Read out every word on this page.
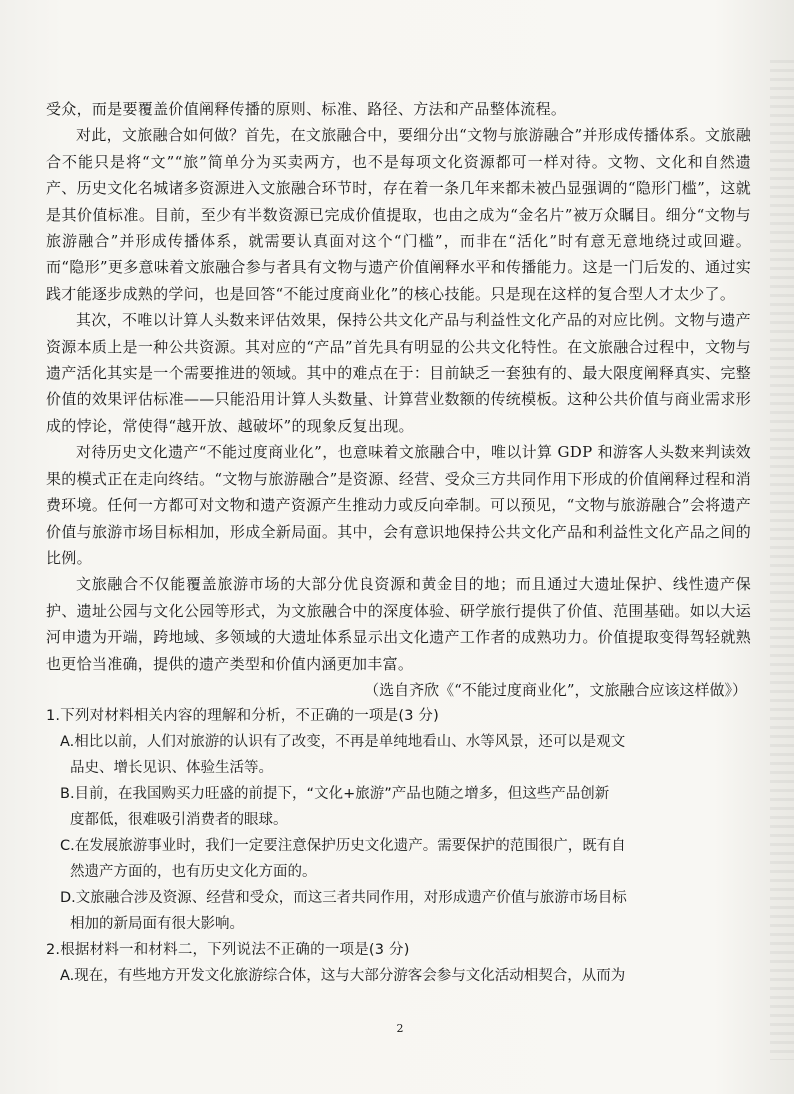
受众，而是要覆盖价值阐释传播的原则、标准、路径、方法和产品整体流程。

对此，文旅融合如何做？首先，在文旅融合中，要细分出“文物与旅游融合”并形成传播体系。文旅融合不能只是将“文”“旅”简单分为买卖两方，也不是每项文化资源都可一样对待。文物、文化和自然遗产、历史文化名城诸多资源进入文旅融合环节时，存在着一条几年来都未被凸显强调的“隐形门槛”，这就是其价值标准。目前，至少有半数资源已完成价值提取，也由之成为“金名片”被万众瞩目。细分“文物与旅游融合”并形成传播体系，就需要认真面对这个“门槛”，而非在“活化”时有意无意地绕过或回避。而“隐形”更多意味着文旅融合参与者具有文物与遗产价值阐释水平和传播能力。这是一门后发的、通过实践才能逐步成熟的学问，也是回答“不能过度商业化”的核心技能。只是现在这样的复合型人才太少了。

其次，不唯以计算人头数来评估效果，保持公共文化产品与利益性文化产品的对应比例。文物与遗产资源本质上是一种公共资源。其对应的“产品”首先具有明显的公共文化特性。在文旅融合过程中，文物与遗产活化其实是一个需要推进的领域。其中的难点在于：目前缺乏一套独有的、最大限度阐释真实、完整价值的效果评估标准——只能沿用计算人头数量、计算营业数额的传统模板。这种公共价值与商业需求形成的悖论，常使得“越开放、越破坏”的现象反复出现。

对待历史文化遗产“不能过度商业化”，也意味着文旅融合中，唯以计算 GDP 和游客人头数来判读效果的模式正在走向终结。“文物与旅游融合”是资源、经营、受众三方共同作用下形成的价值阐释过程和消费环境。任何一方都可对文物和遗产资源产生推动力或反向牵制。可以预见，“文物与旅游融合”会将遗产价值与旅游市场目标相加，形成全新局面。其中，会有意识地保持公共文化产品和利益性文化产品之间的比例。

文旅融合不仅能覆盖旅游市场的大部分优良资源和黄金目的地；而且通过大遗址保护、线性遗产保护、遗址公园与文化公园等形式，为文旅融合中的深度体验、研学旅行提供了价值、范围基础。如以大运河申遗为开端，跨地域、多领域的大遗址体系显示出文化遗产工作者的成熟功力。价值提取变得驾轻就熟也更恰当准确，提供的遗产类型和价值内涵更加丰富。

（选自齐欣《“不能过度商业化”，文旅融合应该这样做》）

1.下列对材料相关内容的理解和分析，不正确的一项是(3 分)

A.相比以前，人们对旅游的认识有了改变，不再是单纯地看山、水等风景，还可以是观文
品史、增长见识、体验生活等。
B.目前，在我国购买力旺盛的前提下，“文化+旅游”产品也随之增多，但这些产品创新
度都低，很难吸引消费者的眼球。
C.在发展旅游事业时，我们一定要注意保护历史文化遗产。需要保护的范围很广，既有自
然遗产方面的，也有历史文化方面的。
D.文旅融合涉及资源、经营和受众，而这三者共同作用，对形成遗产价值与旅游市场目标
相加的新局面有很大影响。

2.根据材料一和材料二，下列说法不正确的一项是(3 分)

A.现在，有些地方开发文化旅游综合体，这与大部分游客会参与文化活动相契合，从而为
2
